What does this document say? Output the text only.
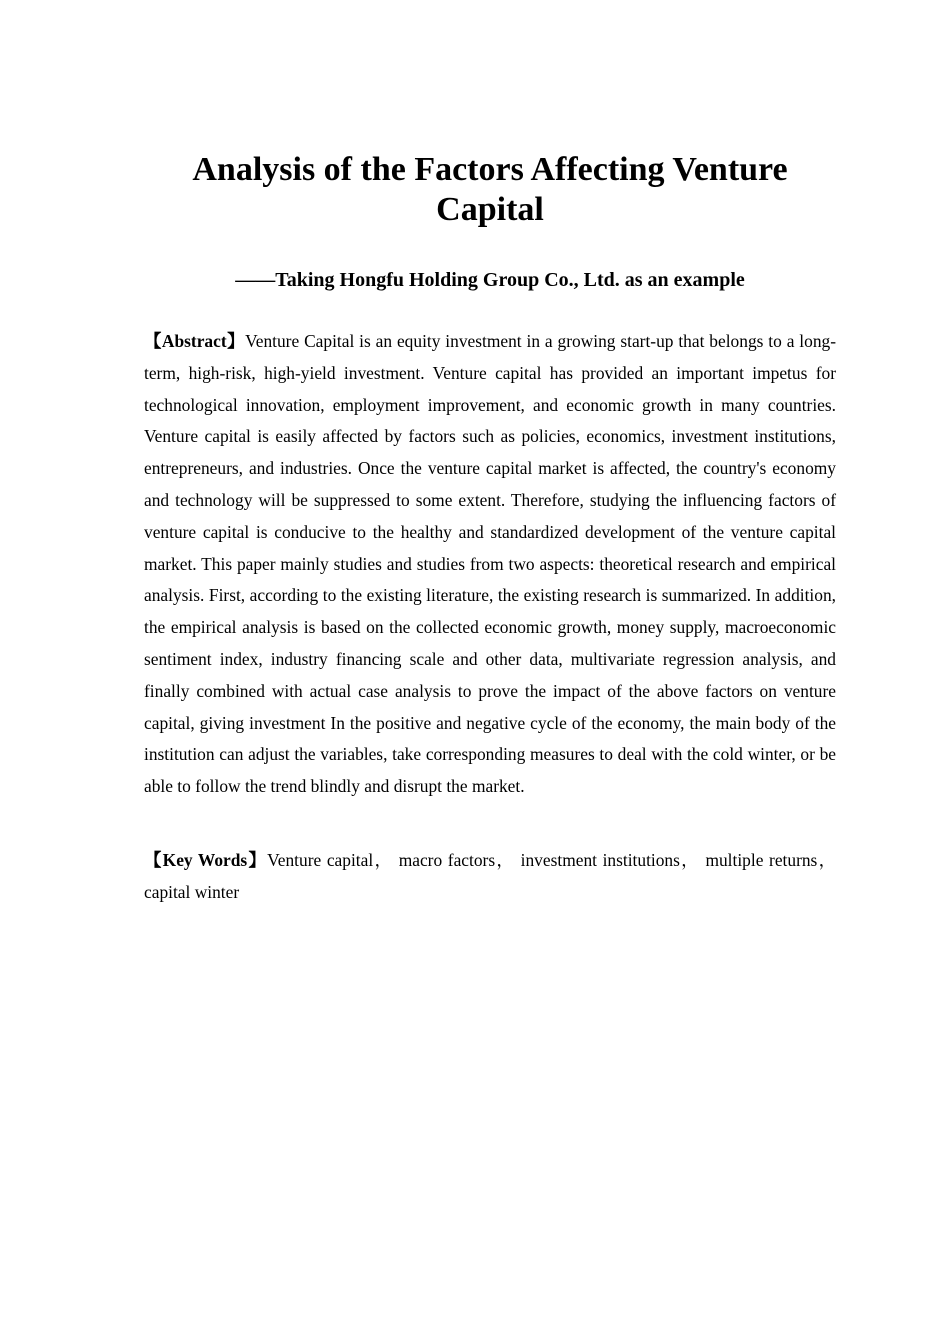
Analysis of the Factors Affecting Venture Capital
——Taking Hongfu Holding Group Co., Ltd. as an example

【Abstract】Venture Capital is an equity investment in a growing start-up that belongs to a long-term, high-risk, high-yield investment. Venture capital has provided an important impetus for technological innovation, employment improvement, and economic growth in many countries. Venture capital is easily affected by factors such as policies, economics, investment institutions, entrepreneurs, and industries. Once the venture capital market is affected, the country's economy and technology will be suppressed to some extent. Therefore, studying the influencing factors of venture capital is conducive to the healthy and standardized development of the venture capital market. This paper mainly studies and studies from two aspects: theoretical research and empirical analysis. First, according to the existing literature, the existing research is summarized. In addition, the empirical analysis is based on the collected economic growth, money supply, macroeconomic sentiment index, industry financing scale and other data, multivariate regression analysis, and finally combined with actual case analysis to prove the impact of the above factors on venture capital, giving investment In the positive and negative cycle of the economy, the main body of the institution can adjust the variables, take corresponding measures to deal with the cold winter, or be able to follow the trend blindly and disrupt the market.

【Key Words】Venture capital， macro factors， investment institutions， multiple returns，capital winter
